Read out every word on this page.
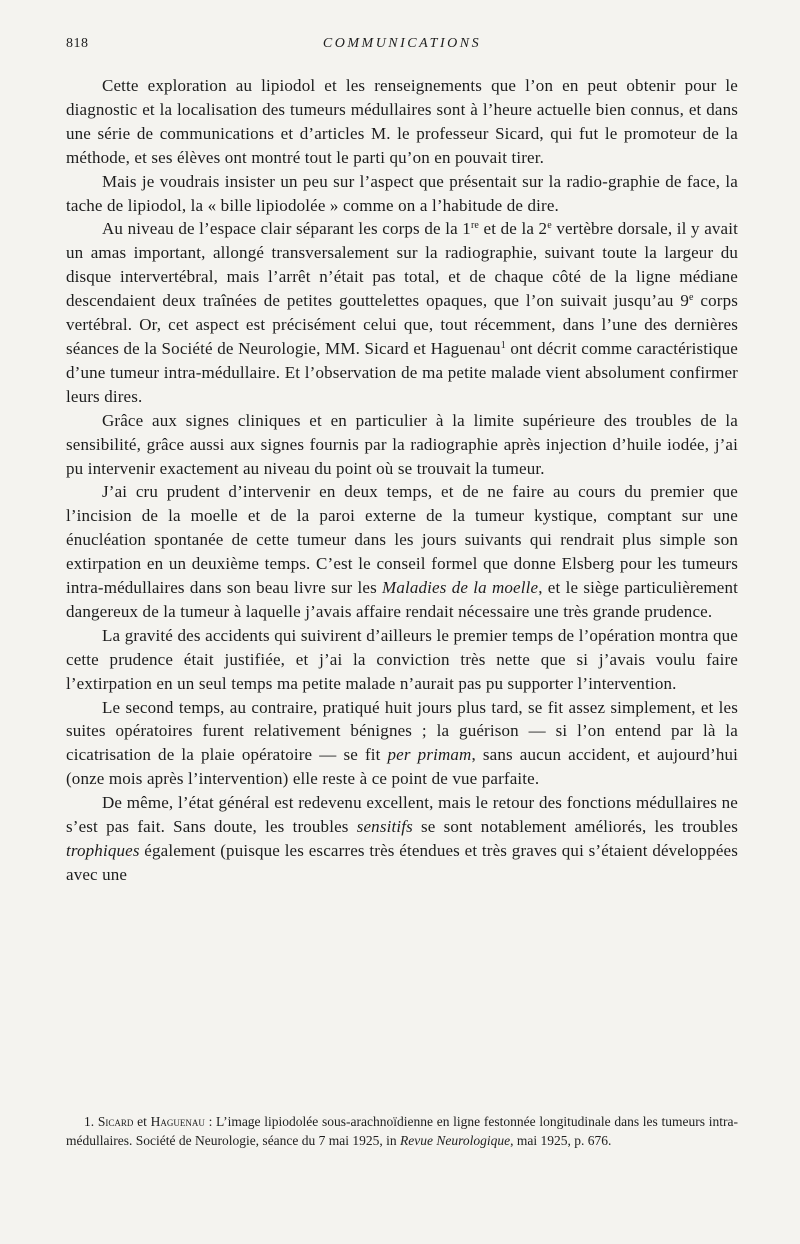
818	COMMUNICATIONS

Cette exploration au lipiodol et les renseignements que l’on en peut obtenir pour le diagnostic et la localisation des tumeurs médullaires sont à l’heure actuelle bien connus, et dans une série de communications et d’articles M. le professeur Sicard, qui fut le promoteur de la méthode, et ses élèves ont montré tout le parti qu’on en pouvait tirer.

Mais je voudrais insister un peu sur l’aspect que présentait sur la radio-graphie de face, la tache de lipiodol, la « bille lipiodolée » comme on a l’habitude de dire.

Au niveau de l’espace clair séparant les corps de la 1re et de la 2e vertèbre dorsale, il y avait un amas important, allongé transversalement sur la radiographie, suivant toute la largeur du disque intervertébral, mais l’arrêt n’était pas total, et de chaque côté de la ligne médiane descendaient deux traînées de petites gouttelettes opaques, que l’on suivait jusqu’au 9e corps vertébral. Or, cet aspect est précisément celui que, tout récemment, dans l’une des dernières séances de la Société de Neurologie, MM. Sicard et Haguenau$^1$ ont décrit comme caractéristique d’une tumeur intra-médullaire. Et l’observation de ma petite malade vient absolument confirmer leurs dires.

Grâce aux signes cliniques et en particulier à la limite supérieure des troubles de la sensibilité, grâce aussi aux signes fournis par la radiographie après injection d’huile iodée, j’ai pu intervenir exactement au niveau du point où se trouvait la tumeur.

J’ai cru prudent d’intervenir en deux temps, et de ne faire au cours du premier que l’incision de la moelle et de la paroi externe de la tumeur kystique, comptant sur une énucléation spontanée de cette tumeur dans les jours suivants qui rendrait plus simple son extirpation en un deuxième temps. C’est le conseil formel que donne Elsberg pour les tumeurs intra-médullaires dans son beau livre sur les Maladies de la moelle, et le siège particulièrement dangereux de la tumeur à laquelle j’avais affaire rendait nécessaire une très grande prudence.

La gravité des accidents qui suivirent d’ailleurs le premier temps de l’opération montra que cette prudence était justifiée, et j’ai la conviction très nette que si j’avais voulu faire l’extirpation en un seul temps ma petite malade n’aurait pas pu supporter l’intervention.

Le second temps, au contraire, pratiqué huit jours plus tard, se fit assez simplement, et les suites opératoires furent relativement bénignes ; la guérison — si l’on entend par là la cicatrisation de la plaie opératoire — se fit per primam, sans aucun accident, et aujourd’hui (onze mois après l’intervention) elle reste à ce point de vue parfaite.

De même, l’état général est redevenu excellent, mais le retour des fonctions médullaires ne s’est pas fait. Sans doute, les troubles sensitifs se sont notablement améliorés, les troubles trophiques également (puisque les escarres très étendues et très graves qui s’étaient développées avec une

1. Sicard et Haguenau : L’image lipiodolée sous-arachnoïdienne en ligne festonnée longitudinale dans les tumeurs intra-médullaires. Société de Neurologie, séance du 7 mai 1925, in Revue Neurologique, mai 1925, p. 676.
